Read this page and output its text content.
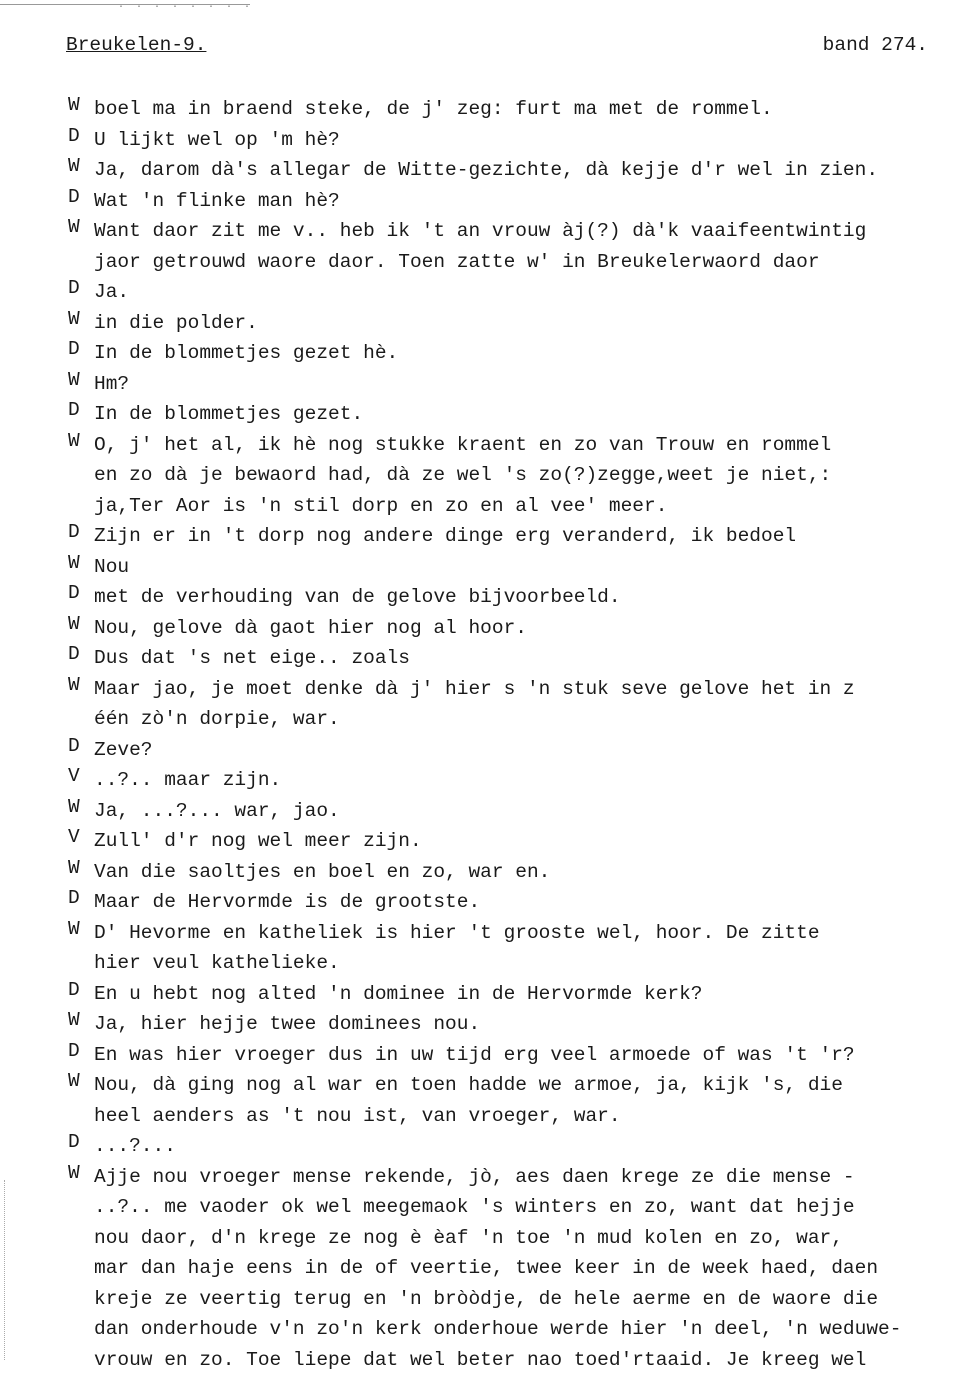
· · · · · · · ·
Breukelen-9.	band 274.
W boel ma in braend steke, de j' zeg: furt ma met de rommel.
D U lijkt wel op 'm hè?
W Ja, darom dà's allegar de Witte-gezichte, dà kejje d'r wel in zien.
D Wat 'n flinke man hè?
W Want daor zit me v.. heb ik 't an vrouw àj(?) dà'k vaaifeentwintig
jaor getrouwd waore daor. Toen zatte w' in Breukelerwaord daor
D Ja.
W in die polder.
D In de blommetjes gezet hè.
W Hm?
D In de blommetjes gezet.
W O, j' het al, ik hè nog stukke kraent en zo van Trouw en rommel
en zo dà je bewaord had, dà ze wel 's zo(?)zegge,weet je niet,:
ja,Ter Aor is 'n stil dorp en zo en al vee' meer.
D Zijn er in 't dorp nog andere dinge erg veranderd, ik bedoel
W Nou
D met de verhouding van de gelove bijvoorbeeld.
W Nou, gelove dà gaot hier nog al hoor.
D Dus dat 's net eige.. zoals
W Maar jao, je moet denke dà j' hier s 'n stuk seve gelove het in z
één zò'n dorpie, war.
D Zeve?
V ..?.. maar zijn.
W Ja, ...?... war, jao.
V Zull' d'r nog wel meer zijn.
W Van die saoltjes en boel en zo, war en.
D Maar de Hervormde is de grootste.
W D' Hevorme en katheliek is hier 't grooste wel, hoor. De zitte
hier veul kathelieke.
D En u hebt nog alted 'n dominee in de Hervormde kerk?
W Ja, hier hejje twee dominees nou.
D En was hier vroeger dus in uw tijd erg veel armoede of was 't 'r?
W Nou, dà ging nog al war en toen hadde we armoe, ja, kijk 's, die
heel aenders as 't nou ist, van vroeger, war.
D ...?...
W Ajje nou vroeger mense rekende, jò, aes daen krege ze die mense -
..?.. me vaoder ok wel meegemaok 's winters en zo, want dat hejje
nou daor, d'n krege ze nog è èaf 'n toe 'n mud kolen en zo, war,
mar dan haje eens in de of veertie, twee keer in de week haed, daen
kreje ze veertig terug en 'n bròòdje, de hele aerme en de waore die
dan onderhoude v'n zo'n kerk onderhoue werde hier 'n deel, 'n weduwe-
vrouw en zo. Toe liepe dat wel beter nao toed'rtaaid. Je kreeg wel
